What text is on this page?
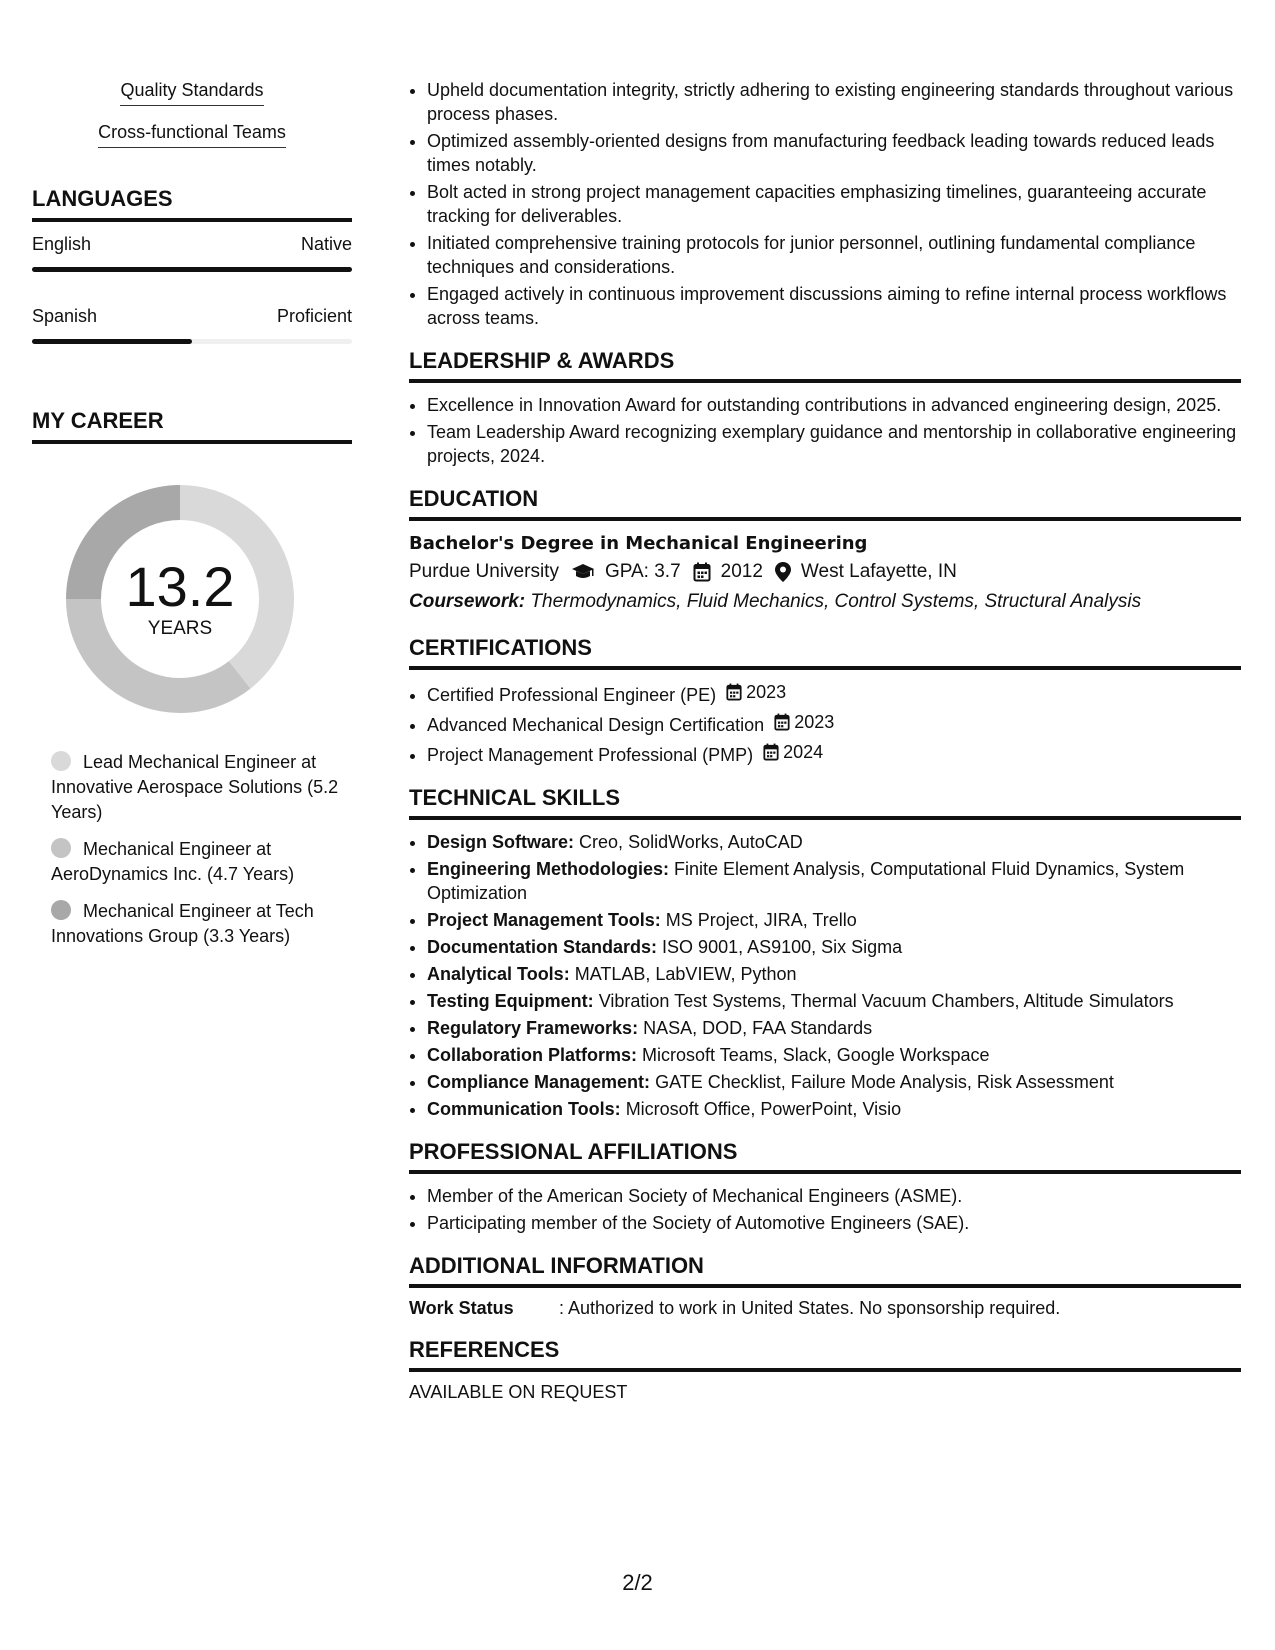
Quality Standards
Cross-functional Teams
LANGUAGES
English	Native
Spanish	Proficient
MY CAREER
13.2
YEARS
Lead Mechanical Engineer at Innovative Aerospace Solutions (5.2 Years)
Mechanical Engineer at AeroDynamics Inc. (4.7 Years)
Mechanical Engineer at Tech Innovations Group (3.3 Years)
• Upheld documentation integrity, strictly adhering to existing engineering standards throughout various process phases.
• Optimized assembly-oriented designs from manufacturing feedback leading towards reduced leads times notably.
• Bolt acted in strong project management capacities emphasizing timelines, guaranteeing accurate tracking for deliverables.
• Initiated comprehensive training protocols for junior personnel, outlining fundamental compliance techniques and considerations.
• Engaged actively in continuous improvement discussions aiming to refine internal process workflows across teams.
LEADERSHIP & AWARDS
• Excellence in Innovation Award for outstanding contributions in advanced engineering design, 2025.
• Team Leadership Award recognizing exemplary guidance and mentorship in collaborative engineering projects, 2024.
EDUCATION
Bachelor's Degree in Mechanical Engineering
Purdue University GPA: 3.7 2012 West Lafayette, IN
Coursework: Thermodynamics, Fluid Mechanics, Control Systems, Structural Analysis
CERTIFICATIONS
• Certified Professional Engineer (PE) 2023
• Advanced Mechanical Design Certification 2023
• Project Management Professional (PMP) 2024
TECHNICAL SKILLS
• Design Software: Creo, SolidWorks, AutoCAD
• Engineering Methodologies: Finite Element Analysis, Computational Fluid Dynamics, System Optimization
• Project Management Tools: MS Project, JIRA, Trello
• Documentation Standards: ISO 9001, AS9100, Six Sigma
• Analytical Tools: MATLAB, LabVIEW, Python
• Testing Equipment: Vibration Test Systems, Thermal Vacuum Chambers, Altitude Simulators
• Regulatory Frameworks: NASA, DOD, FAA Standards
• Collaboration Platforms: Microsoft Teams, Slack, Google Workspace
• Compliance Management: GATE Checklist, Failure Mode Analysis, Risk Assessment
• Communication Tools: Microsoft Office, PowerPoint, Visio
PROFESSIONAL AFFILIATIONS
• Member of the American Society of Mechanical Engineers (ASME).
• Participating member of the Society of Automotive Engineers (SAE).
ADDITIONAL INFORMATION
Work Status	: Authorized to work in United States. No sponsorship required.
REFERENCES
AVAILABLE ON REQUEST
2/2
